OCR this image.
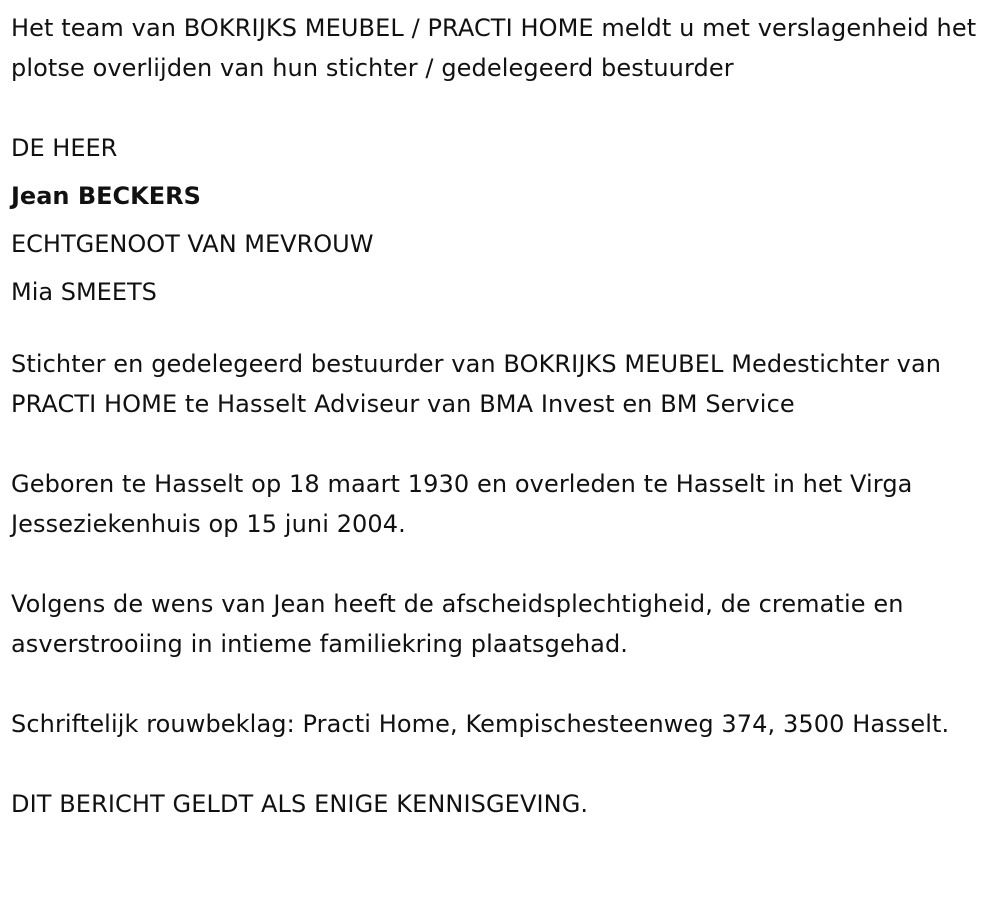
Het team van BOKRIJKS MEUBEL / PRACTI HOME meldt u met verslagenheid het plotse overlijden van hun stichter / gedelegeerd bestuurder

DE HEER

Jean BECKERS

ECHTGENOOT VAN MEVROUW

Mia SMEETS

Stichter en gedelegeerd bestuurder van BOKRIJKS MEUBEL Medestichter van PRACTI HOME te Hasselt Adviseur van BMA Invest en BM Service

Geboren te Hasselt op 18 maart 1930 en overleden te Hasselt in het Virga Jesseziekenhuis op 15 juni 2004.

Volgens de wens van Jean heeft de afscheidsplechtigheid, de crematie en asverstrooiing in intieme familiekring plaatsgehad.

Schriftelijk rouwbeklag: Practi Home, Kempischesteenweg 374, 3500 Hasselt.

DIT BERICHT GELDT ALS ENIGE KENNISGEVING.
